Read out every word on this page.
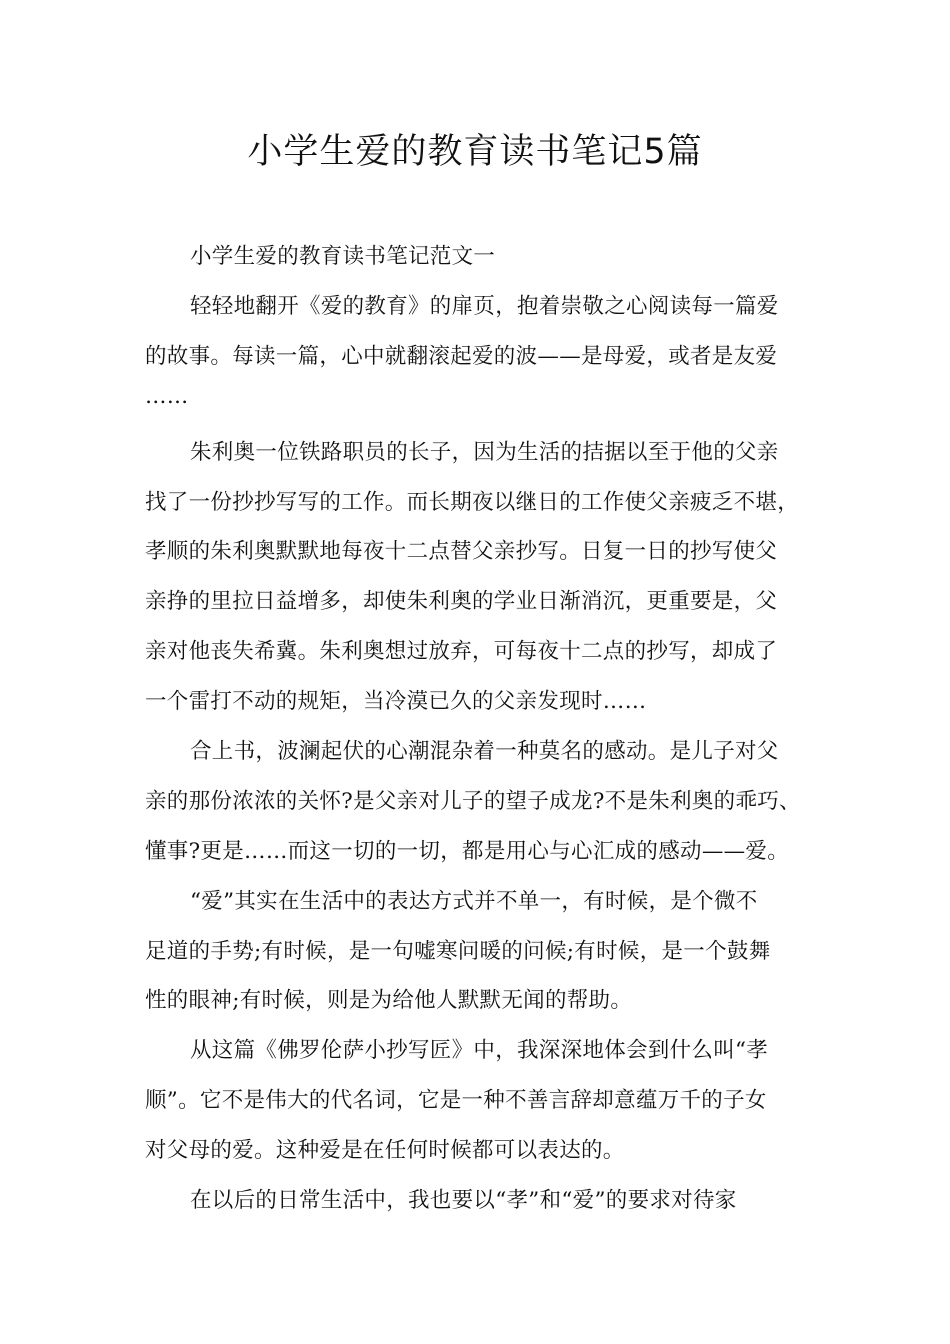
小学生爱的教育读书笔记5篇
小学生爱的教育读书笔记范文一
轻轻地翻开《爱的教育》的扉页，抱着崇敬之心阅读每一篇爱
的故事。每读一篇，心中就翻滚起爱的波——是母爱，或者是友爱
……
朱利奥一位铁路职员的长子，因为生活的拮据以至于他的父亲
找了一份抄抄写写的工作。而长期夜以继日的工作使父亲疲乏不堪，
孝顺的朱利奥默默地每夜十二点替父亲抄写。日复一日的抄写使父
亲挣的里拉日益增多，却使朱利奥的学业日渐消沉，更重要是，父
亲对他丧失希冀。朱利奥想过放弃，可每夜十二点的抄写，却成了
一个雷打不动的规矩，当冷漠已久的父亲发现时……
合上书，波澜起伏的心潮混杂着一种莫名的感动。是儿子对父
亲的那份浓浓的关怀?是父亲对儿子的望子成龙?不是朱利奥的乖巧、
懂事?更是……而这一切的一切，都是用心与心汇成的感动——爱。
“爱”其实在生活中的表达方式并不单一，有时候，是个微不
足道的手势;有时候，是一句嘘寒问暖的问候;有时候，是一个鼓舞
性的眼神;有时候，则是为给他人默默无闻的帮助。
从这篇《佛罗伦萨小抄写匠》中，我深深地体会到什么叫“孝
顺”。它不是伟大的代名词，它是一种不善言辞却意蕴万千的子女
对父母的爱。这种爱是在任何时候都可以表达的。
在以后的日常生活中，我也要以“孝”和“爱”的要求对待家
